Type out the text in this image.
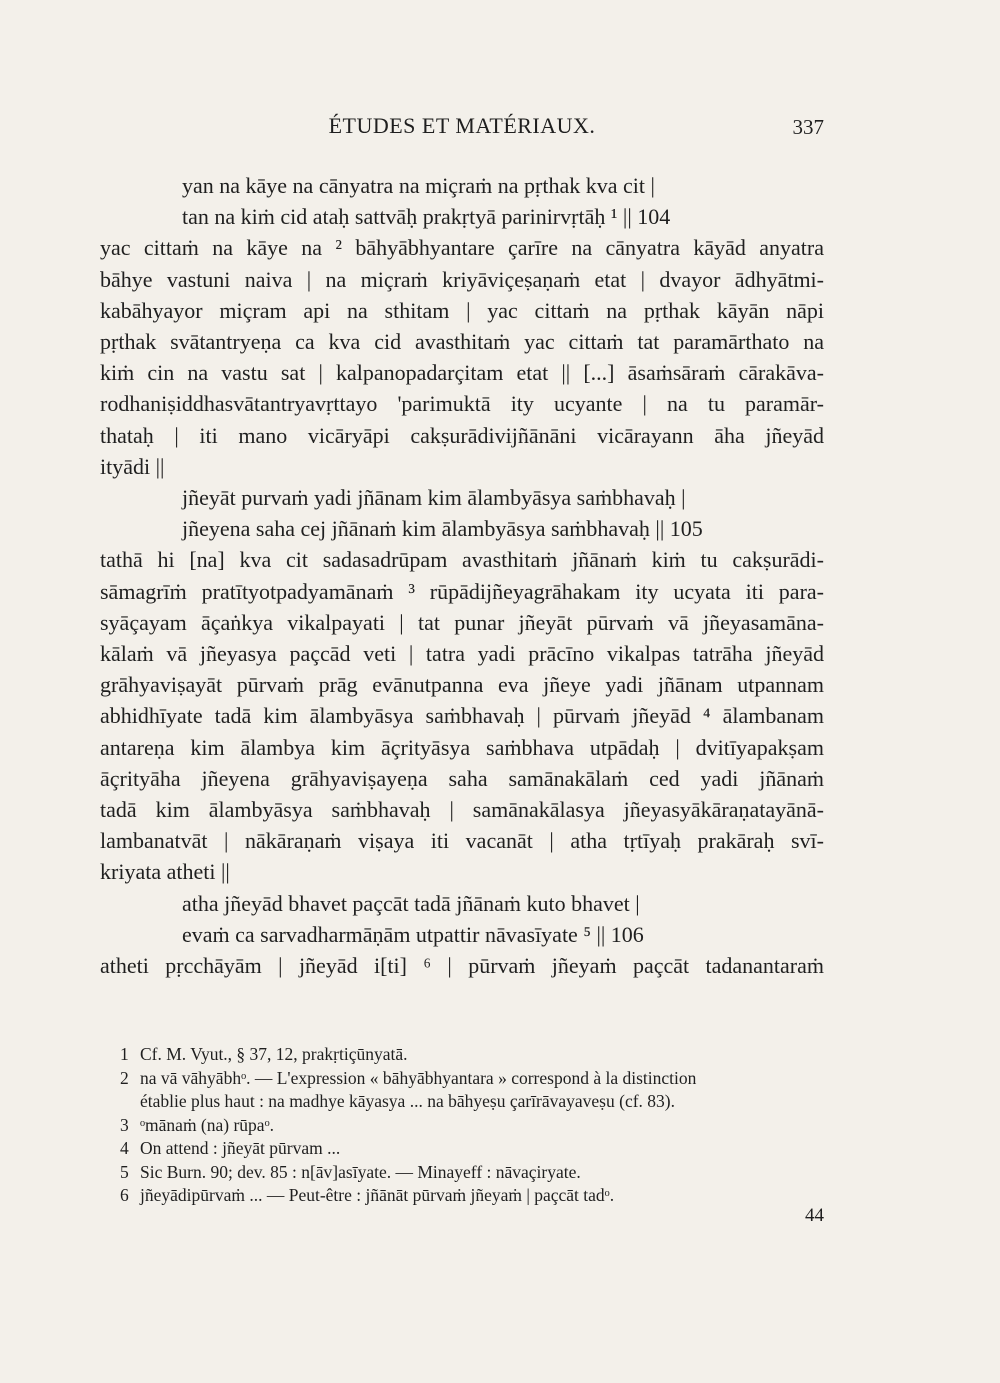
ÉTUDES ET MATÉRIAUX.	337
yan na kāye na cānyatra na miçraṁ na pṛthak kva cit |
tan na kiṁ cid ataḥ sattvāḥ prakṛtyā parinirvṛtāḥ ¹ || 104
yac cittaṁ na kāye na ² bāhyābhyantare çarīre na cānyatra kāyād anyatra
bāhye vastuni naiva | na miçraṁ kriyāviçeṣaṇaṁ etat | dvayor ādhyātmi-
kabāhyayor miçram api na sthitam | yac cittaṁ na pṛthak kāyān nāpi
pṛthak svātantryeṇa ca kva cid avasthitaṁ yac cittaṁ tat paramārthato na
kiṁ cin na vastu sat | kalpanopadarçitam etat || [...] āsaṁsāraṁ cārakāva-
rodhaniṣiddhasvātantryavṛttayo 'parimuktā ity ucyante | na tu paramār-
thataḥ | iti mano vicāryāpi cakṣurādivijñānāni vicārayann āha jñeyād
ityādi ||
jñeyāt purvaṁ yadi jñānam kim ālambyāsya saṁbhavaḥ |
jñeyena saha cej jñānaṁ kim ālambyāsya saṁbhavaḥ || 105
tathā hi [na] kva cit sadasadrūpam avasthitaṁ jñānaṁ kiṁ tu cakṣurādi-
sāmagrīṁ pratītyotpadyamānaṁ ³ rūpādijñeyagrāhakam ity ucyata iti para-
syāçayam āçaṅkya vikalpayati | tat punar jñeyāt pūrvaṁ vā jñeyasamāna-
kālaṁ vā jñeyasya paçcād veti | tatra yadi prācīno vikalpas tatrāha jñeyād
grāhyaviṣayāt pūrvaṁ prāg evānutpanna eva jñeye yadi jñānam utpannam
abhidhīyate tadā kim ālambyāsya saṁbhavaḥ | pūrvaṁ jñeyād ⁴ ālambanam
antareṇa kim ālambya kim āçrityāsya saṁbhava utpādaḥ | dvitīyapakṣam
āçrityāha jñeyena grāhyaviṣayeṇa saha samānakālaṁ ced yadi jñānaṁ
tadā kim ālambyāsya saṁbhavaḥ | samānakālasya jñeyasyākāraṇatayānā-
lambanatvāt | nākāraṇaṁ viṣaya iti vacanāt | atha tṛtīyaḥ prakāraḥ svī-
kriyata atheti ||
atha jñeyād bhavet paçcāt tadā jñānaṁ kuto bhavet |
evaṁ ca sarvadharmāṇām utpattir nāvasīyate ⁵ || 106
atheti pṛcchāyām | jñeyād i[ti] ⁶ | pūrvaṁ jñeyaṁ paçcāt tadanantaraṁ
1 Cf. M. Vyut., § 37, 12, prakṛtiçūnyatā.
2 na vā vāhyābhᵒ. — L'expression « bāhyābhyantara » correspond à la distinction
établie plus haut : na madhye kāyasya ... na bāhyeṣu çarīrāvayaveṣu (cf. 83).
3 ᵒmānaṁ (na) rūpaᵒ.
4 On attend : jñeyāt pūrvam ...
5 Sic Burn. 90; dev. 85 : n[āv]asīyate. — Minayeff : nāvaçiryate.
6 jñeyādipūrvaṁ ... — Peut-être : jñānāt pūrvaṁ jñeyaṁ | paçcāt tadᵒ.
44
